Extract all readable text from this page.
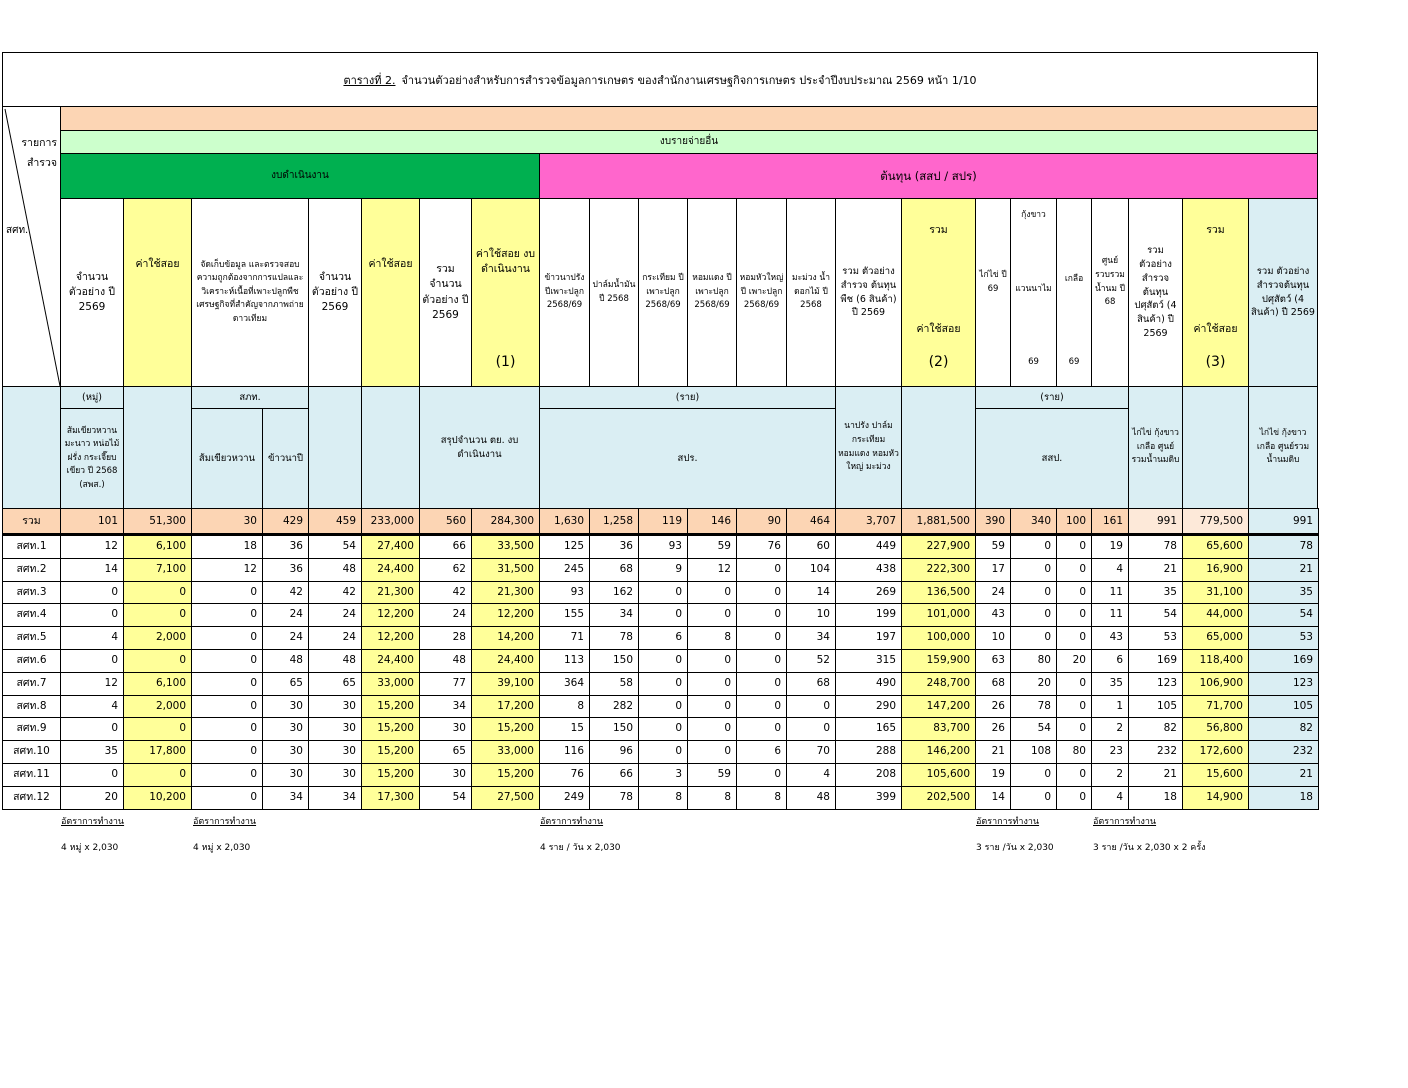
ตารางที่ 2. จำนวนตัวอย่างสำหรับการสำรวจข้อมูลการเกษตร ของสำนักงานเศรษฐกิจการเกษตร ประจำปีงบประมาณ 2569 หน้า 1/10
รายการ
สำรวจ
สศท.
งบรายจ่ายอื่น
งบดำเนินงาน	ต้นทุน (สสป / สปร)
จำนวนตัวอย่าง ปี 2569
ค่าใช้สอย	จัดเก็บข้อมูล และตรวจสอบความถูกต้องจากการแปลและวิเคราะห์เนื้อที่เพาะปลูกพืชเศรษฐกิจที่สำคัญจากภาพถ่ายดาวเทียม
จำนวนตัวอย่าง ปี 2569
ค่าใช้สอย	รวม จำนวนตัวอย่าง ปี 2569
ค่าใช้สอย งบดำเนินงาน
(1)
ข้าวนาปรัง ปีเพาะปลูก 2568/69
ปาล์มน้ำมัน ปี 2568
กระเทียม ปี เพาะปลูก 2568/69
หอมแดง ปี เพาะปลูก 2568/69
หอมหัวใหญ่ ปี เพาะปลูก 2568/69
มะม่วง น้ำดอกไม้ ปี 2568
รวม ตัวอย่าง สำรวจ ต้นทุนพืช (6 สินค้า) ปี 2569
รวม
ค่าใช้สอย
(2)
ไก่ไข่ ปี 69
กุ้งขาว
แวนนาไม
69
เกลือ
69
ศูนย์ รวบรวม น้ำนม ปี 68
รวม ตัวอย่าง สำรวจ ต้นทุนปศุสัตว์ (4 สินค้า) ปี 2569
รวม
ค่าใช้สอย
(3)
รวม ตัวอย่าง สำรวจต้นทุน ปศุสัตว์ (4 สินค้า) ปี 2569
(หมู่)
ส้มเขียวหวาน มะนาว หน่อไม้ฝรั่ง กระเจี๊ยบเขียว ปี 2568 (สพส.)
สภท.
ส้มเขียวหวาน ข้าวนาปี
สรุปจำนวน ตย. งบดำเนินงาน
(ราย)
สปร.
นาปรัง ปาล์ม กระเทียม หอมแดง หอมหัวใหญ่ มะม่วง
(ราย)
สสป.
ไก่ไข่ กุ้งขาว เกลือ ศูนย์ รวมน้ำนมดิบ
ไก่ไข่ กุ้งขาว เกลือ ศูนย์รวม น้ำนมดิบ
รวม	101	51,300	30	429	459	233,000	560	284,300	1,630	1,258	119	146	90	464	3,707	1,881,500	390	340	100	161	991	779,500	991
สศท.1	12	6,100	18	36	54	27,400	66	33,500	125	36	93	59	76	60	449	227,900	59	0	0	19	78	65,600	78
สศท.2	14	7,100	12	36	48	24,400	62	31,500	245	68	9	12	0	104	438	222,300	17	0	0	4	21	16,900	21
สศท.3	0	0	0	42	42	21,300	42	21,300	93	162	0	0	0	14	269	136,500	24	0	0	11	35	31,100	35
สศท.4	0	0	0	24	24	12,200	24	12,200	155	34	0	0	0	10	199	101,000	43	0	0	11	54	44,000	54
สศท.5	4	2,000	0	24	24	12,200	28	14,200	71	78	6	8	0	34	197	100,000	10	0	0	43	53	65,000	53
สศท.6	0	0	0	48	48	24,400	48	24,400	113	150	0	0	0	52	315	159,900	63	80	20	6	169	118,400	169
สศท.7	12	6,100	0	65	65	33,000	77	39,100	364	58	0	0	0	68	490	248,700	68	20	0	35	123	106,900	123
สศท.8	4	2,000	0	30	30	15,200	34	17,200	8	282	0	0	0	0	290	147,200	26	78	0	1	105	71,700	105
สศท.9	0	0	0	30	30	15,200	30	15,200	15	150	0	0	0	0	165	83,700	26	54	0	2	82	56,800	82
สศท.10	35	17,800	0	30	30	15,200	65	33,000	116	96	0	0	6	70	288	146,200	21	108	80	23	232	172,600	232
สศท.11	0	0	0	30	30	15,200	30	15,200	76	66	3	59	0	4	208	105,600	19	0	0	2	21	15,600	21
สศท.12	20	10,200	0	34	34	17,300	54	27,500	249	78	8	8	8	48	399	202,500	14	0	0	4	18	14,900	18
อัตราการทำงาน
4 หมู่ x 2,030
อัตราการทำงาน
4 หมู่ x 2,030
อัตราการทำงาน
4 ราย / วัน x 2,030
อัตราการทำงาน
3 ราย /วัน x 2,030
อัตราการทำงาน
3 ราย /วัน x 2,030 x 2 ครั้ง
